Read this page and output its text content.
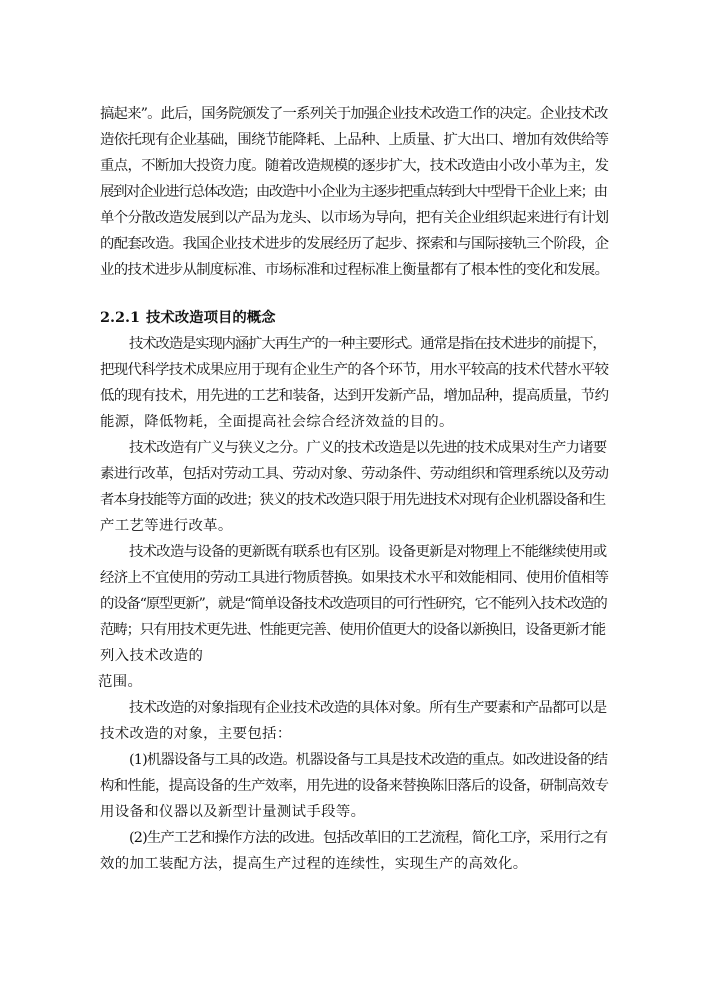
搞起来”。此后，国务院颁发了一系列关于加强企业技术改造工作的决定。企业技术改
造依托现有企业基础，围绕节能降耗、上品种、上质量、扩大出口、增加有效供给等
重点，不断加大投资力度。随着改造规模的逐步扩大，技术改造由小改小革为主，发
展到对企业进行总体改造；由改造中小企业为主逐步把重点转到大中型骨干企业上来；由
单个分散改造发展到以产品为龙头、以市场为导向，把有关企业组织起来进行有计划
的配套改造。我国企业技术进步的发展经历了起步、探索和与国际接轨三个阶段，企
业的技术进步从制度标准、市场标准和过程标准上衡量都有了根本性的变化和发展。
2.2.1 技术改造项目的概念
技术改造是实现内涵扩大再生产的一种主要形式。通常是指在技术进步的前提下，
把现代科学技术成果应用于现有企业生产的各个环节，用水平较高的技术代替水平较
低的现有技术，用先进的工艺和装备，达到开发新产品，增加品种，提高质量，节约
能源，降低物耗，全面提高社会综合经济效益的目的。
技术改造有广义与狭义之分。广义的技术改造是以先进的技术成果对生产力诸要
素进行改革，包括对劳动工具、劳动对象、劳动条件、劳动组织和管理系统以及劳动
者本身技能等方面的改进；狭义的技术改造只限于用先进技术对现有企业机器设备和生
产工艺等进行改革。
技术改造与设备的更新既有联系也有区别。设备更新是对物理上不能继续使用或
经济上不宜使用的劳动工具进行物质替换。如果技术水平和效能相同、使用价值相等
的设备“原型更新”，就是“简单设备技术改造项目的可行性研究，它不能列入技术改造的
范畴；只有用技术更先进、性能更完善、使用价值更大的设备以新换旧，设备更新才能
列入技术改造的
范围。
技术改造的对象指现有企业技术改造的具体对象。所有生产要素和产品都可以是
技术改造的对象，主要包括：
(1)机器设备与工具的改造。机器设备与工具是技术改造的重点。如改进设备的结
构和性能，提高设备的生产效率，用先进的设备来替换陈旧落后的设备，研制高效专
用设备和仪器以及新型计量测试手段等。
(2)生产工艺和操作方法的改进。包括改革旧的工艺流程，简化工序，采用行之有
效的加工装配方法，提高生产过程的连续性，实现生产的高效化。
